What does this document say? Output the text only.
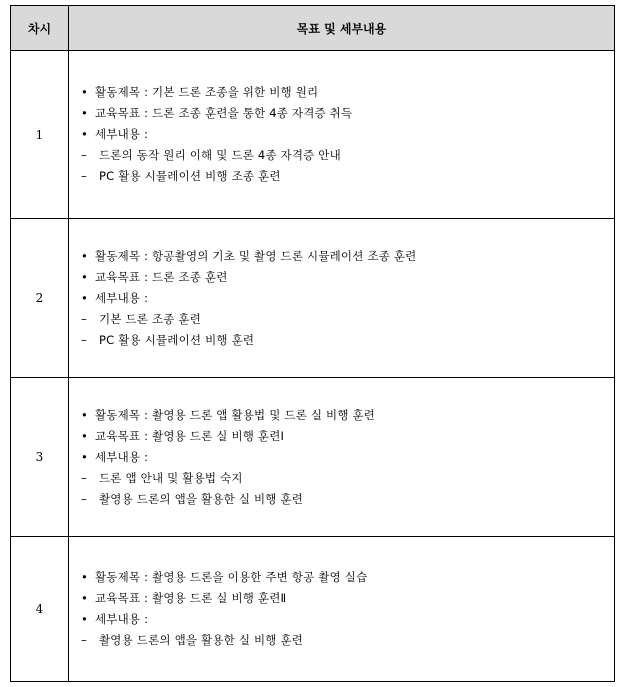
차시	목표 및 세부내용
1	• 활동제목 : 기본 드론 조종을 위한 비행 원리
• 교육목표 : 드론 조종 훈련을 통한 4종 자격증 취득
• 세부내용 :
– 드론의 동작 원리 이해 및 드론 4종 자격증 안내
– PC 활용 시뮬레이션 비행 조종 훈련

2	• 활동제목 : 항공촬영의 기초 및 촬영 드론 시뮬레이션 조종 훈련
• 교육목표 : 드론 조종 훈련
• 세부내용 :
– 기본 드론 조종 훈련
– PC 활용 시뮬레이션 비행 훈련

3	• 활동제목 : 촬영용 드론 앱 활용법 및 드론 실 비행 훈련
• 교육목표 : 촬영용 드론 실 비행 훈련Ⅰ
• 세부내용 :
– 드론 앱 안내 및 활용법 숙지
– 촬영용 드론의 앱을 활용한 실 비행 훈련

4	• 활동제목 : 촬영용 드론을 이용한 주변 항공 촬영 실습
• 교육목표 : 촬영용 드론 실 비행 훈련Ⅱ
• 세부내용 :
– 촬영용 드론의 앱을 활용한 실 비행 훈련
